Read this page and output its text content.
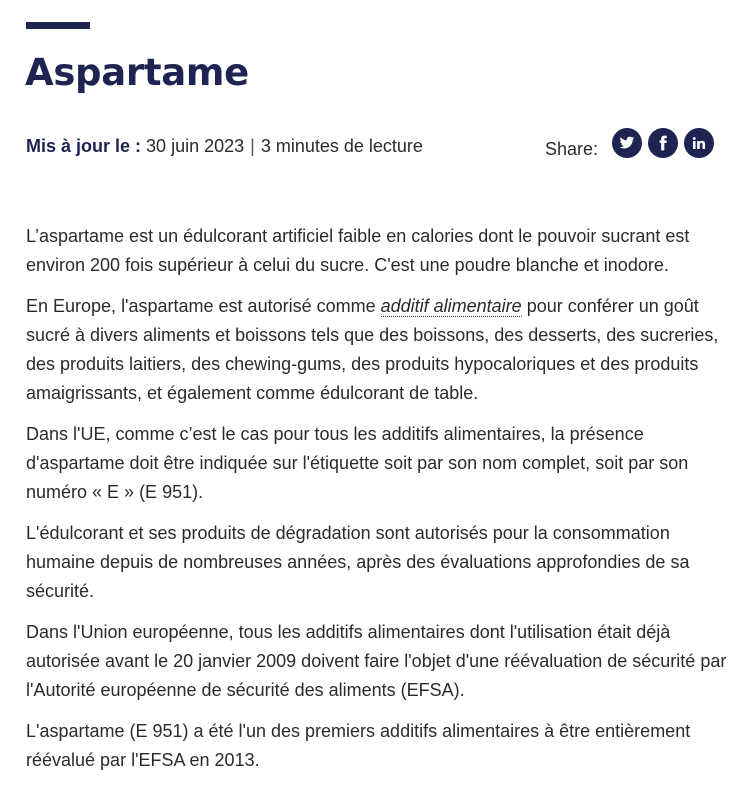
Aspartame
Mis à jour le : 30 juin 2023 | 3 minutes de lecture	Share:

L’aspartame est un édulcorant artificiel faible en calories dont le pouvoir sucrant est environ 200 fois supérieur à celui du sucre. C'est une poudre blanche et inodore.

En Europe, l'aspartame est autorisé comme additif alimentaire pour conférer un goût sucré à divers aliments et boissons tels que des boissons, des desserts, des sucreries, des produits laitiers, des chewing-gums, des produits hypocaloriques et des produits amaigrissants, et également comme édulcorant de table.

Dans l'UE, comme c’est le cas pour tous les additifs alimentaires, la présence d'aspartame doit être indiquée sur l'étiquette soit par son nom complet, soit par son numéro « E » (E 951).

L'édulcorant et ses produits de dégradation sont autorisés pour la consommation humaine depuis de nombreuses années, après des évaluations approfondies de sa sécurité.

Dans l'Union européenne, tous les additifs alimentaires dont l'utilisation était déjà autorisée avant le 20 janvier 2009 doivent faire l'objet d'une réévaluation de sécurité par l'Autorité européenne de sécurité des aliments (EFSA).

L'aspartame (E 951) a été l'un des premiers additifs alimentaires à être entièrement réévalué par l'EFSA en 2013.
